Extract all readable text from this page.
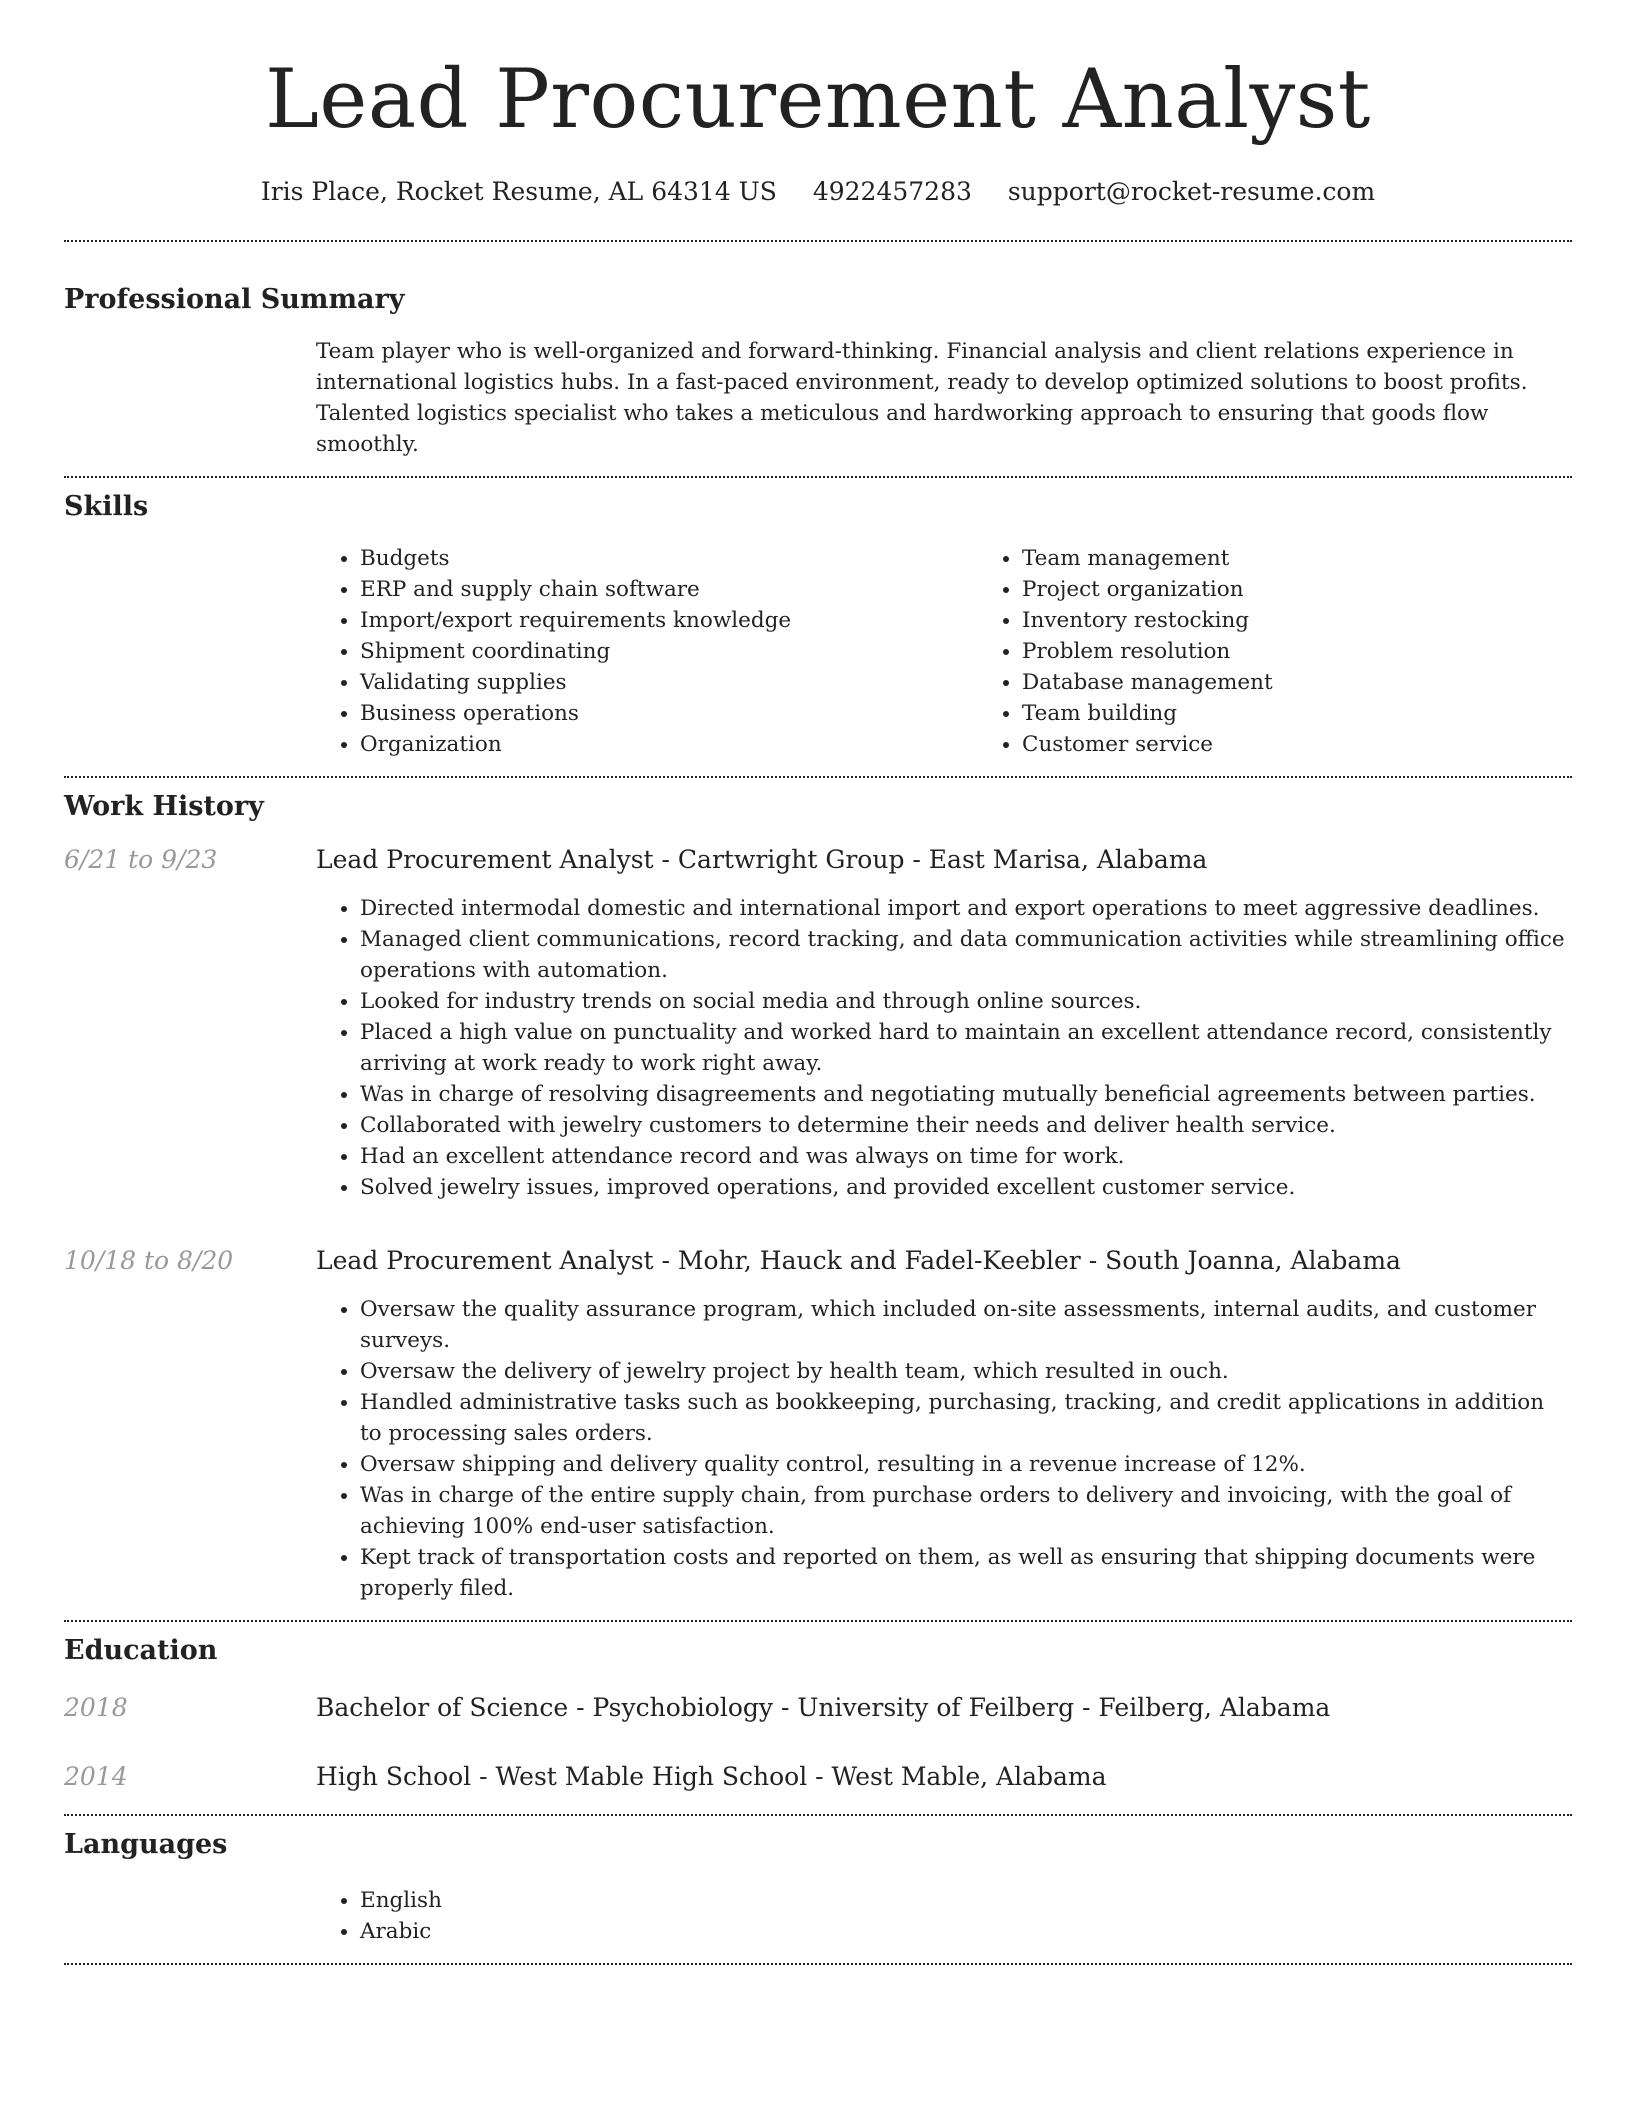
Lead Procurement Analyst
Iris Place, Rocket Resume, AL 64314 US 4922457283 support@rocket-resume.com
Professional Summary
Team player who is well-organized and forward-thinking. Financial analysis and client relations experience in international logistics hubs. In a fast-paced environment, ready to develop optimized solutions to boost profits. Talented logistics specialist who takes a meticulous and hardworking approach to ensuring that goods flow smoothly.
Skills
• Budgets
• ERP and supply chain software
• Import/export requirements knowledge
• Shipment coordinating
• Validating supplies
• Business operations
• Organization
• Team management
• Project organization
• Inventory restocking
• Problem resolution
• Database management
• Team building
• Customer service
Work History
6/21 to 9/23	Lead Procurement Analyst - Cartwright Group - East Marisa, Alabama
• Directed intermodal domestic and international import and export operations to meet aggressive deadlines.
• Managed client communications, record tracking, and data communication activities while streamlining office operations with automation.
• Looked for industry trends on social media and through online sources.
• Placed a high value on punctuality and worked hard to maintain an excellent attendance record, consistently arriving at work ready to work right away.
• Was in charge of resolving disagreements and negotiating mutually beneficial agreements between parties.
• Collaborated with jewelry customers to determine their needs and deliver health service.
• Had an excellent attendance record and was always on time for work.
• Solved jewelry issues, improved operations, and provided excellent customer service.
10/18 to 8/20	Lead Procurement Analyst - Mohr, Hauck and Fadel-Keebler - South Joanna, Alabama
• Oversaw the quality assurance program, which included on-site assessments, internal audits, and customer surveys.
• Oversaw the delivery of jewelry project by health team, which resulted in ouch.
• Handled administrative tasks such as bookkeeping, purchasing, tracking, and credit applications in addition to processing sales orders.
• Oversaw shipping and delivery quality control, resulting in a revenue increase of 12%.
• Was in charge of the entire supply chain, from purchase orders to delivery and invoicing, with the goal of achieving 100% end-user satisfaction.
• Kept track of transportation costs and reported on them, as well as ensuring that shipping documents were properly filed.
Education
2018	Bachelor of Science - Psychobiology - University of Feilberg - Feilberg, Alabama
2014	High School - West Mable High School - West Mable, Alabama
Languages
• English
• Arabic
